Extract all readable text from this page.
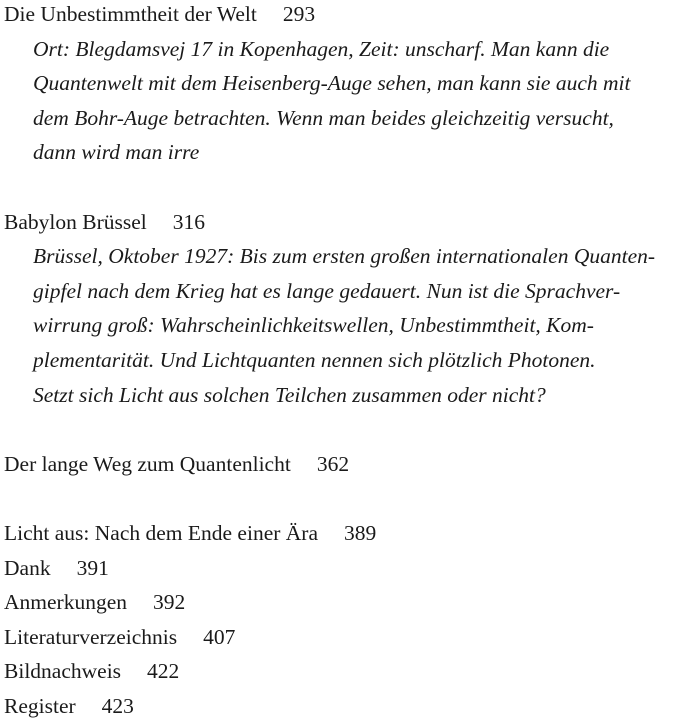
Die Unbestimmtheit der Welt 293
Ort: Blegdamsvej 17 in Kopenhagen, Zeit: unscharf. Man kann die
Quantenwelt mit dem Heisenberg-Auge sehen, man kann sie auch mit
dem Bohr-Auge betrachten. Wenn man beides gleichzeitig versucht,
dann wird man irre
Babylon Brüssel 316
Brüssel, Oktober 1927: Bis zum ersten großen internationalen Quanten-
gipfel nach dem Krieg hat es lange gedauert. Nun ist die Sprachver-
wirrung groß: Wahrscheinlichkeitswellen, Unbestimmtheit, Kom-
plementarität. Und Lichtquanten nennen sich plötzlich Photonen.
Setzt sich Licht aus solchen Teilchen zusammen oder nicht?
Der lange Weg zum Quantenlicht 362
Licht aus: Nach dem Ende einer Ära 389
Dank 391
Anmerkungen 392
Literaturverzeichnis 407
Bildnachweis 422
Register 423
